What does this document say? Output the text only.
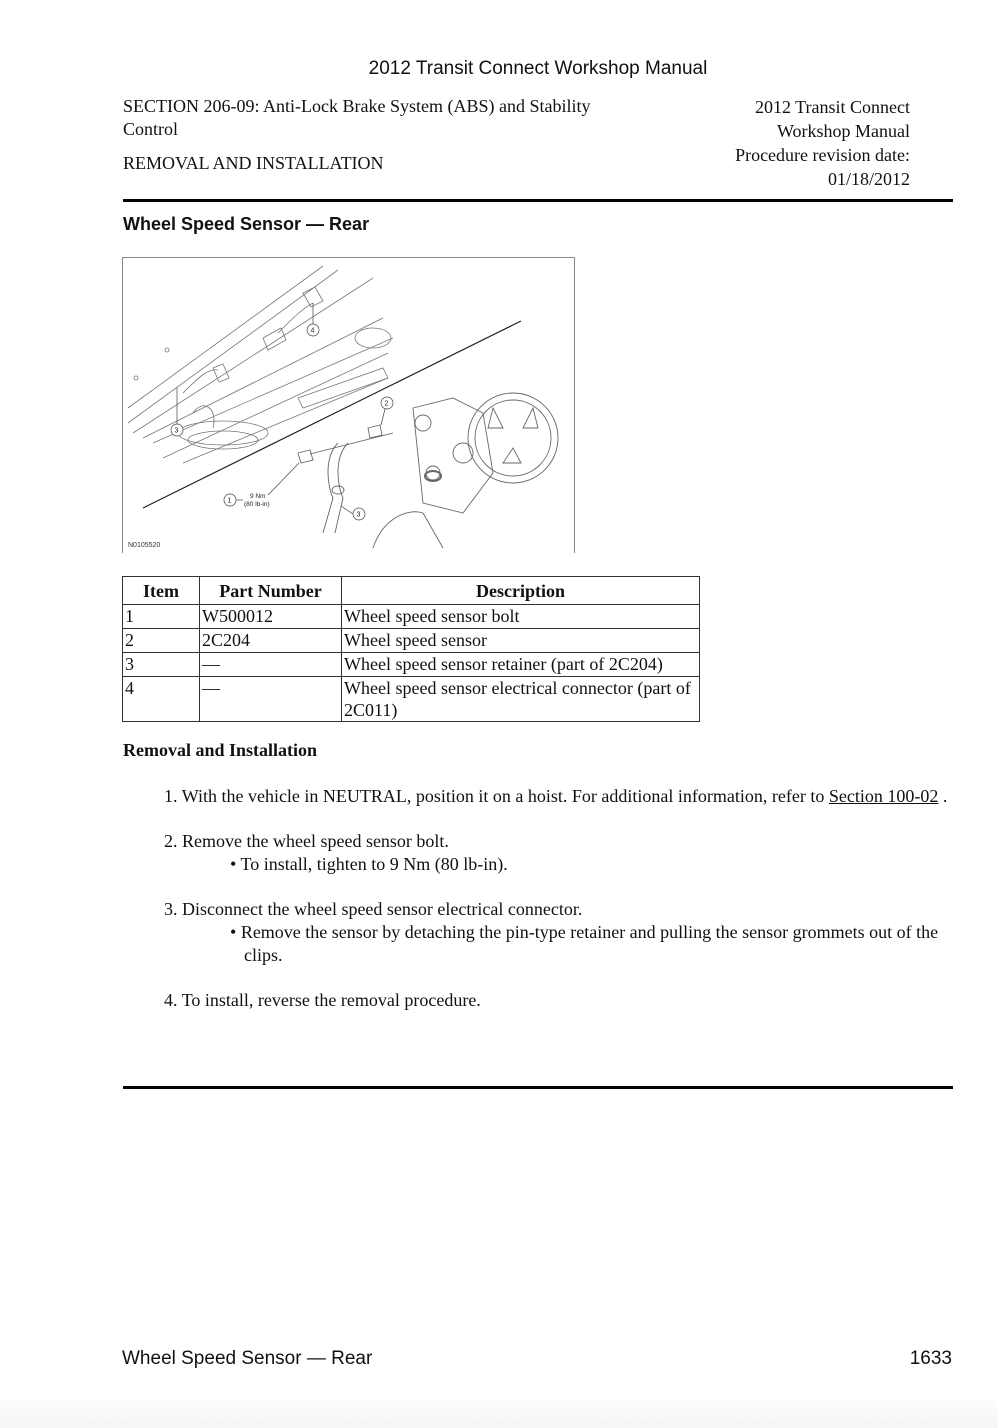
2012 Transit Connect Workshop Manual
SECTION 206-09: Anti-Lock Brake System (ABS) and Stability
Control
REMOVAL AND INSTALLATION
2012 Transit Connect
Workshop Manual
Procedure revision date:
01/18/2012
Wheel Speed Sensor — Rear
4
2
3
3
1
9 Nm
(80 lb-in)
N0105520
Item	Part Number	Description
1	W500012	Wheel speed sensor bolt
2	2C204	Wheel speed sensor
3	—	Wheel speed sensor retainer (part of 2C204)
4	—	Wheel speed sensor electrical connector (part of 2C011)
Removal and Installation
1. With the vehicle in NEUTRAL, position it on a hoist. For additional information, refer to Section 100-02 .
2. Remove the wheel speed sensor bolt.
• To install, tighten to 9 Nm (80 lb-in).
3. Disconnect the wheel speed sensor electrical connector.
• Remove the sensor by detaching the pin-type retainer and pulling the sensor grommets out of the clips.
4. To install, reverse the removal procedure.
Wheel Speed Sensor — Rear	1633
